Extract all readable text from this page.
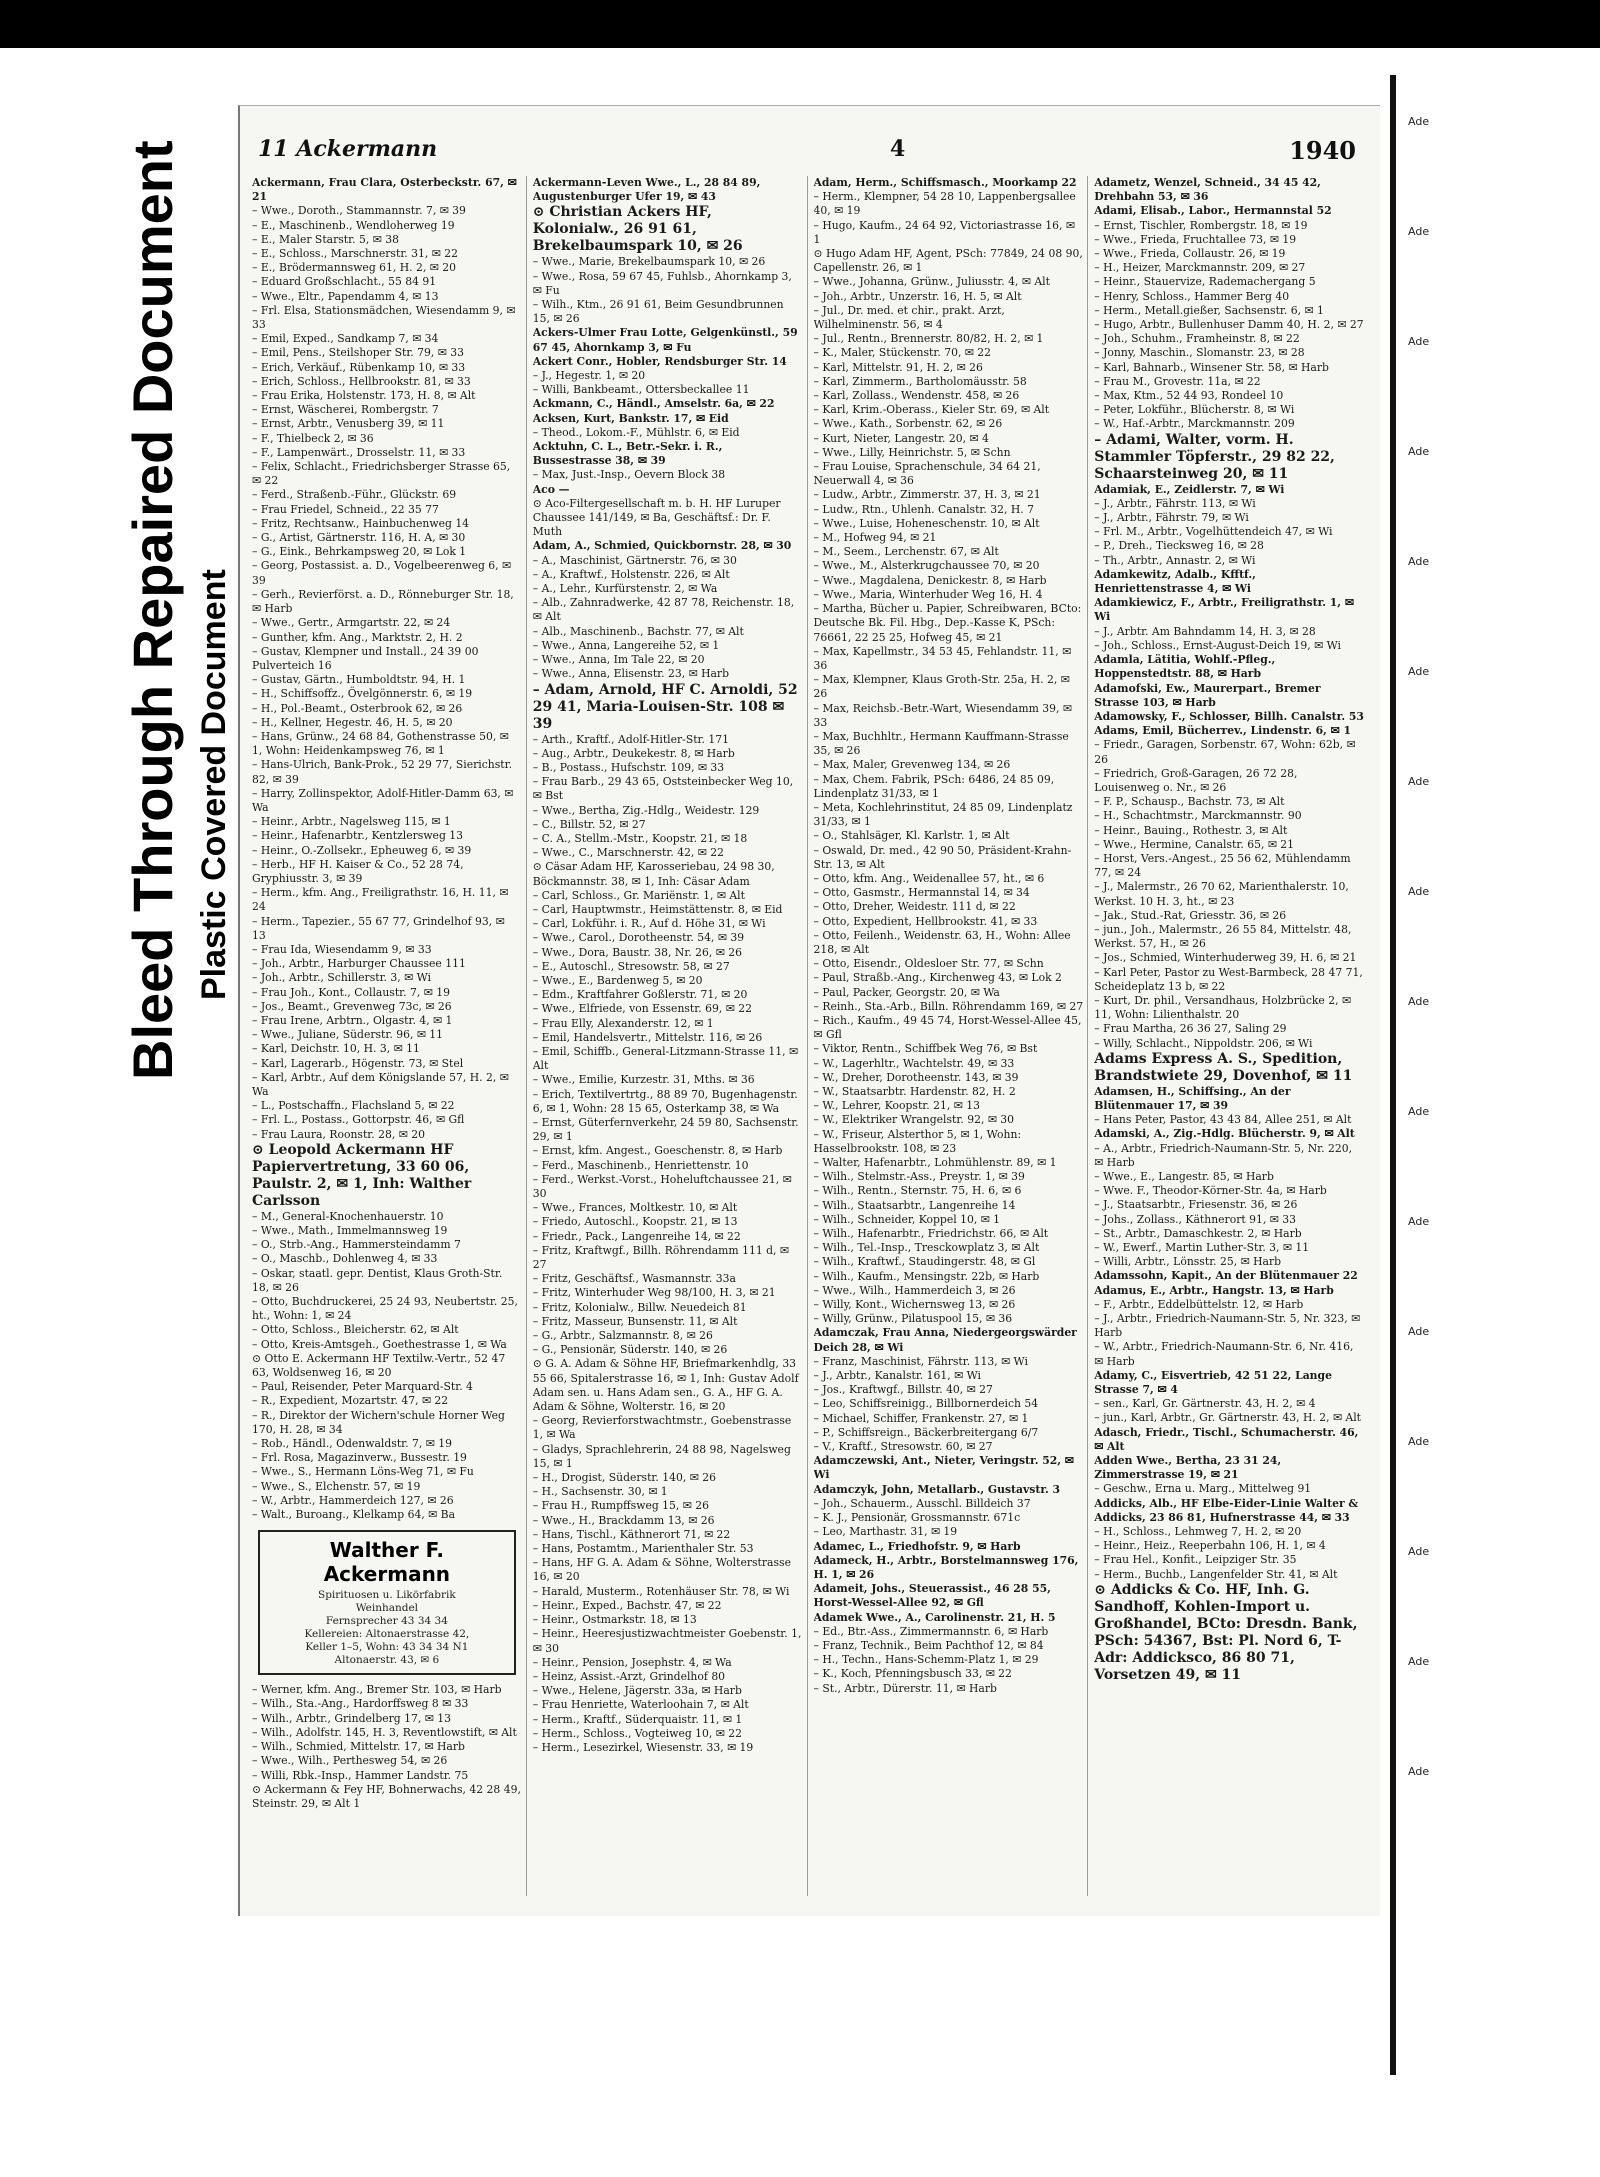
Bleed Through Repaired Document Plastic Covered Document
11 Ackermann	4	1940

Ackermann, Frau Clara, Osterbeckstr. 67, ✉ 21

– Wwe., Doroth., Stammannstr. 7, ✉ 39

– E., Maschinenb., Wendloherweg 19

– E., Maler Starstr. 5, ✉ 38

– E., Schloss., Marschnerstr. 31, ✉ 22

– E., Brödermannsweg 61, H. 2, ✉ 20

– Eduard Großschlacht., 55 84 91

– Wwe., Eltr., Papendamm 4, ✉ 13

– Frl. Elsa, Stationsmädchen, Wiesendamm 9, ✉ 33

– Emil, Exped., Sandkamp 7, ✉ 34

– Emil, Pens., Steilshoper Str. 79, ✉ 33

– Erich, Verkäuf., Rübenkamp 10, ✉ 33

– Erich, Schloss., Hellbrookstr. 81, ✉ 33

– Frau Erika, Holstenstr. 173, H. 8, ✉ Alt

– Ernst, Wäscherei, Rombergstr. 7

– Ernst, Arbtr., Venusberg 39, ✉ 11

– F., Thielbeck 2, ✉ 36

– F., Lampenwärt., Drosselstr. 11, ✉ 33

– Felix, Schlacht., Friedrichsberger Strasse 65, ✉ 22

– Ferd., Straßenb.-Führ., Glückstr. 69

– Frau Friedel, Schneid., 22 35 77

– Fritz, Rechtsanw., Hainbuchenweg 14

– G., Artist, Gärtnerstr. 116, H. A, ✉ 30

– G., Eink., Behrkampsweg 20, ✉ Lok 1

– Georg, Postassist. a. D., Vogelbeerenweg 6, ✉ 39

– Gerh., Revierförst. a. D., Rönneburger Str. 18, ✉ Harb

– Wwe., Gertr., Armgartstr. 22, ✉ 24

– Gunther, kfm. Ang., Marktstr. 2, H. 2

– Gustav, Klempner und Install., 24 39 00 Pulverteich 16

– Gustav, Gärtn., Humboldtstr. 94, H. 1

– H., Schiffsoffz., Övelgönnerstr. 6, ✉ 19

– H., Pol.-Beamt., Osterbrook 62, ✉ 26

– H., Kellner, Hegestr. 46, H. 5, ✉ 20

– Hans, Grünw., 24 68 84, Gothenstrasse 50, ✉ 1, Wohn: Heidenkampsweg 76, ✉ 1

– Hans-Ulrich, Bank-Prok., 52 29 77, Sierichstr. 82, ✉ 39

– Harry, Zollinspektor, Adolf-Hitler-Damm 63, ✉ Wa

– Heinr., Arbtr., Nagelsweg 115, ✉ 1

– Heinr., Hafenarbtr., Kentzlersweg 13

– Heinr., O.-Zollsekr., Epheuweg 6, ✉ 39

– Herb., HF H. Kaiser & Co., 52 28 74, Gryphiusstr. 3, ✉ 39

– Herm., kfm. Ang., Freiligrathstr. 16, H. 11, ✉ 24

– Herm., Tapezier., 55 67 77, Grindelhof 93, ✉ 13

– Frau Ida, Wiesendamm 9, ✉ 33

– Joh., Arbtr., Harburger Chaussee 111

– Joh., Arbtr., Schillerstr. 3, ✉ Wi

– Frau Joh., Kont., Collaustr. 7, ✉ 19

– Jos., Beamt., Grevenweg 73c, ✉ 26

– Frau Irene, Arbtrn., Olgastr. 4, ✉ 1

– Wwe., Juliane, Süderstr. 96, ✉ 11

– Karl, Deichstr. 10, H. 3, ✉ 11

– Karl, Lagerarb., Högenstr. 73, ✉ Stel

– Karl, Arbtr., Auf dem Königslande 57, H. 2, ✉ Wa

– L., Postschaffn., Flachsland 5, ✉ 22

– Frl. L., Postass., Gottorpstr. 46, ✉ Gfl

– Frau Laura, Roonstr. 28, ✉ 20

⊙ Leopold Ackermann HF Papiervertretung, 33 60 06, Paulstr. 2, ✉ 1, Inh: Walther Carlsson

– M., General-Knochenhauerstr. 10

– Wwe., Math., Immelmannsweg 19

– O., Strb.-Ang., Hammersteindamm 7

– O., Maschb., Dohlenweg 4, ✉ 33

– Oskar, staatl. gepr. Dentist, Klaus Groth-Str. 18, ✉ 26

– Otto, Buchdruckerei, 25 24 93, Neubertstr. 25, ht., Wohn: 1, ✉ 24

– Otto, Schloss., Bleicherstr. 62, ✉ Alt

– Otto, Kreis-Amtsgeh., Goethestrasse 1, ✉ Wa

⊙ Otto E. Ackermann HF Textilw.-Vertr., 52 47 63, Woldsenweg 16, ✉ 20

– Paul, Reisender, Peter Marquard-Str. 4

– R., Expedient, Mozartstr. 47, ✉ 22

– R., Direktor der Wichern'schule Horner Weg 170, H. 28, ✉ 34

– Rob., Händl., Odenwaldstr. 7, ✉ 19

– Frl. Rosa, Magazinverw., Bussestr. 19

– Wwe., S., Hermann Löns-Weg 71, ✉ Fu

– Wwe., S., Elchenstr. 57, ✉ 19

– W., Arbtr., Hammerdeich 127, ✉ 26

– Walt., Buroang., Klelkamp 64, ✉ Ba

Walther F. Ackermann
Spirituosen u. Likörfabrik
Weinhandel
Fernsprecher 43 34 34
Kellereien: Altonaerstrasse 42,
Keller 1–5, Wohn: 43 34 34 N1
Altonaerstr. 43, ✉ 6

– Werner, kfm. Ang., Bremer Str. 103, ✉ Harb

– Wilh., Sta.-Ang., Hardorffsweg 8 ✉ 33

– Wilh., Arbtr., Grindelberg 17, ✉ 13

– Wilh., Adolfstr. 145, H. 3, Reventlowstift, ✉ Alt

– Wilh., Schmied, Mittelstr. 17, ✉ Harb

– Wwe., Wilh., Perthesweg 54, ✉ 26

– Willi, Rbk.-Insp., Hammer Landstr. 75

⊙ Ackermann & Fey HF, Bohnerwachs, 42 28 49, Steinstr. 29, ✉ Alt 1

Ackermann-Leven Wwe., L., 28 84 89, Augustenburger Ufer 19, ✉ 43

⊙ Christian Ackers HF, Kolonialw., 26 91 61, Brekelbaumspark 10, ✉ 26

– Wwe., Marie, Brekelbaumspark 10, ✉ 26

– Wwe., Rosa, 59 67 45, Fuhlsb., Ahornkamp 3, ✉ Fu

– Wilh., Ktm., 26 91 61, Beim Gesundbrunnen 15, ✉ 26

Ackers-Ulmer Frau Lotte, Gelgenkünstl., 59 67 45, Ahornkamp 3, ✉ Fu

Ackert Conr., Hobler, Rendsburger Str. 14

– J., Hegestr. 1, ✉ 20

– Willi, Bankbeamt., Ottersbeckallee 11

Ackmann, C., Händl., Amselstr. 6a, ✉ 22

Acksen, Kurt, Bankstr. 17, ✉ Eid

– Theod., Lokom.-F., Mühlstr. 6, ✉ Eid

Acktuhn, C. L., Betr.-Sekr. i. R., Bussestrasse 38, ✉ 39

– Max, Just.-Insp., Oevern Block 38

Aco —

⊙ Aco-Filtergesellschaft m. b. H. HF Luruper Chaussee 141/149, ✉ Ba, Geschäftsf.: Dr. F. Muth

Adam, A., Schmied, Quickbornstr. 28, ✉ 30

– A., Maschinist, Gärtnerstr. 76, ✉ 30

– A., Kraftwf., Holstenstr. 226, ✉ Alt

– A., Lehr., Kurfürstenstr. 2, ✉ Wa

– Alb., Zahnradwerke, 42 87 78, Reichenstr. 18, ✉ Alt

– Alb., Maschinenb., Bachstr. 77, ✉ Alt

– Wwe., Anna, Langereihe 52, ✉ 1

– Wwe., Anna, Im Tale 22, ✉ 20

– Wwe., Anna, Elisenstr. 23, ✉ Harb

– Adam, Arnold, HF C. Arnoldi, 52 29 41, Maria-Louisen-Str. 108 ✉ 39

– Arth., Kraftf., Adolf-Hitler-Str. 171

– Aug., Arbtr., Deukekestr. 8, ✉ Harb

– B., Postass., Hufschstr. 109, ✉ 33

– Frau Barb., 29 43 65, Oststeinbecker Weg 10, ✉ Bst

– Wwe., Bertha, Zig.-Hdlg., Weidestr. 129

– C., Billstr. 52, ✉ 27

– C. A., Stellm.-Mstr., Koopstr. 21, ✉ 18

– Wwe., C., Marschnerstr. 42, ✉ 22

⊙ Cäsar Adam HF, Karosseriebau, 24 98 30, Böckmannstr. 38, ✉ 1, Inh: Cäsar Adam

– Carl, Schloss., Gr. Mariënstr. 1, ✉ Alt

– Carl, Hauptwmstr., Heimstättenstr. 8, ✉ Eid

– Carl, Lokführ. i. R., Auf d. Höhe 31, ✉ Wi

– Wwe., Carol., Dorotheenstr. 54, ✉ 39

– Wwe., Dora, Baustr. 38, Nr. 26, ✉ 26

– E., Autoschl., Stresowstr. 58, ✉ 27

– Wwe., E., Bardenweg 5, ✉ 20

– Edm., Kraftfahrer Goßlerstr. 71, ✉ 20

– Wwe., Elfriede, von Essenstr. 69, ✉ 22

– Frau Elly, Alexanderstr. 12, ✉ 1

– Emil, Handelsvertr., Mittelstr. 116, ✉ 26

– Emil, Schiffb., General-Litzmann-Strasse 11, ✉ Alt

– Wwe., Emilie, Kurzestr. 31, Mths. ✉ 36

– Erich, Textilvertrtg., 88 89 70, Bugenhagenstr. 6, ✉ 1, Wohn: 28 15 65, Osterkamp 38, ✉ Wa

– Ernst, Güterfernverkehr, 24 59 80, Sachsenstr. 29, ✉ 1

– Ernst, kfm. Angest., Goeschenstr. 8, ✉ Harb

– Ferd., Maschinenb., Henriettenstr. 10

– Ferd., Werkst.-Vorst., Hoheluftchaussee 21, ✉ 30

– Wwe., Frances, Moltkestr. 10, ✉ Alt

– Friedo, Autoschl., Koopstr. 21, ✉ 13

– Friedr., Pack., Langenreihe 14, ✉ 22

– Fritz, Kraftwgf., Billh. Röhrendamm 111 d, ✉ 27

– Fritz, Geschäftsf., Wasmannstr. 33a

– Fritz, Winterhuder Weg 98/100, H. 3, ✉ 21

– Fritz, Kolonialw., Billw. Neuedeich 81

– Fritz, Masseur, Bunsenstr. 11, ✉ Alt

– G., Arbtr., Salzmannstr. 8, ✉ 26

– G., Pensionär, Süderstr. 140, ✉ 26

⊙ G. A. Adam & Söhne HF, Briefmarkenhdlg, 33 55 66, Spitalerstrasse 16, ✉ 1, Inh: Gustav Adolf Adam sen. u. Hans Adam sen., G. A., HF G. A. Adam & Söhne, Wolterstr. 16, ✉ 20

– Georg, Revierforstwachtmstr., Goebenstrasse 1, ✉ Wa

– Gladys, Sprachlehrerin, 24 88 98, Nagelsweg 15, ✉ 1

– H., Drogist, Süderstr. 140, ✉ 26

– H., Sachsenstr. 30, ✉ 1

– Frau H., Rumpffsweg 15, ✉ 26

– Wwe., H., Brackdamm 13, ✉ 26

– Hans, Tischl., Käthnerort 71, ✉ 22

– Hans, Postamtm., Marienthaler Str. 53

– Hans, HF G. A. Adam & Söhne, Wolterstrasse 16, ✉ 20

– Harald, Musterm., Rotenhäuser Str. 78, ✉ Wi

– Heinr., Exped., Bachstr. 47, ✉ 22

– Heinr., Ostmarkstr. 18, ✉ 13

– Heinr., Heeresjustizwachtmeister Goebenstr. 1, ✉ 30

– Heinr., Pension, Josephstr. 4, ✉ Wa

– Heinz, Assist.-Arzt, Grindelhof 80

– Wwe., Helene, Jägerstr. 33a, ✉ Harb

– Frau Henriette, Waterloohain 7, ✉ Alt

– Herm., Kraftf., Süderquaistr. 11, ✉ 1

– Herm., Schloss., Vogteiweg 10, ✉ 22

– Herm., Lesezirkel, Wiesenstr. 33, ✉ 19

Adam, Herm., Schiffsmasch., Moorkamp 22

– Herm., Klempner, 54 28 10, Lappenbergsallee 40, ✉ 19

– Hugo, Kaufm., 24 64 92, Victoriastrasse 16, ✉ 1

⊙ Hugo Adam HF, Agent, PSch: 77849, 24 08 90, Capellenstr. 26, ✉ 1

– Wwe., Johanna, Grünw., Juliusstr. 4, ✉ Alt

– Joh., Arbtr., Unzerstr. 16, H. 5, ✉ Alt

– Jul., Dr. med. et chir., prakt. Arzt, Wilhelminenstr. 56, ✉ 4

– Jul., Rentn., Brennerstr. 80/82, H. 2, ✉ 1

– K., Maler, Stückenstr. 70, ✉ 22

– Karl, Mittelstr. 91, H. 2, ✉ 26

– Karl, Zimmerm., Bartholomäusstr. 58

– Karl, Zollass., Wendenstr. 458, ✉ 26

– Karl, Krim.-Oberass., Kieler Str. 69, ✉ Alt

– Wwe., Kath., Sorbenstr. 62, ✉ 26

– Kurt, Nieter, Langestr. 20, ✉ 4

– Wwe., Lilly, Heinrichstr. 5, ✉ Schn

– Frau Louise, Sprachenschule, 34 64 21, Neuerwall 4, ✉ 36

– Ludw., Arbtr., Zimmerstr. 37, H. 3, ✉ 21

– Ludw., Rtn., Uhlenh. Canalstr. 32, H. 7

– Wwe., Luise, Hoheneschenstr. 10, ✉ Alt

– M., Hofweg 94, ✉ 21

– M., Seem., Lerchenstr. 67, ✉ Alt

– Wwe., M., Alsterkrugchaussee 70, ✉ 20

– Wwe., Magdalena, Denickestr. 8, ✉ Harb

– Wwe., Maria, Winterhuder Weg 16, H. 4

– Martha, Bücher u. Papier, Schreibwaren, BCto: Deutsche Bk. Fil. Hbg., Dep.-Kasse K, PSch: 76661, 22 25 25, Hofweg 45, ✉ 21

– Max, Kapellmstr., 34 53 45, Fehlandstr. 11, ✉ 36

– Max, Klempner, Klaus Groth-Str. 25a, H. 2, ✉ 26

– Max, Reichsb.-Betr.-Wart, Wiesendamm 39, ✉ 33

– Max, Buchhltr., Hermann Kauffmann-Strasse 35, ✉ 26

– Max, Maler, Grevenweg 134, ✉ 26

– Max, Chem. Fabrik, PSch: 6486, 24 85 09, Lindenplatz 31/33, ✉ 1

– Meta, Kochlehrinstitut, 24 85 09, Lindenplatz 31/33, ✉ 1

– O., Stahlsäger, Kl. Karlstr. 1, ✉ Alt

– Oswald, Dr. med., 42 90 50, Präsident-Krahn-Str. 13, ✉ Alt

– Otto, kfm. Ang., Weidenallee 57, ht., ✉ 6

– Otto, Gasmstr., Hermannstal 14, ✉ 34

– Otto, Dreher, Weidestr. 111 d, ✉ 22

– Otto, Expedient, Hellbrookstr. 41, ✉ 33

– Otto, Feilenh., Weidenstr. 63, H., Wohn: Allee 218, ✉ Alt

– Otto, Eisendr., Oldesloer Str. 77, ✉ Schn

– Paul, Straßb.-Ang., Kirchenweg 43, ✉ Lok 2

– Paul, Packer, Georgstr. 20, ✉ Wa

– Reinh., Sta.-Arb., Billn. Röhrendamm 169, ✉ 27

– Rich., Kaufm., 49 45 74, Horst-Wessel-Allee 45, ✉ Gfl

– Viktor, Rentn., Schiffbek Weg 76, ✉ Bst

– W., Lagerhltr., Wachtelstr. 49, ✉ 33

– W., Dreher, Dorotheenstr. 143, ✉ 39

– W., Staatsarbtr. Hardenstr. 82, H. 2

– W., Lehrer, Koopstr. 21, ✉ 13

– W., Elektriker Wrangelstr. 92, ✉ 30

– W., Friseur, Alsterthor 5, ✉ 1, Wohn: Hasselbrookstr. 108, ✉ 23

– Walter, Hafenarbtr., Lohmühlenstr. 89, ✉ 1

– Wilh., Stelmstr.-Ass., Preystr. 1, ✉ 39

– Wilh., Rentn., Sternstr. 75, H. 6, ✉ 6

– Wilh., Staatsarbtr., Langenreihe 14

– Wilh., Schneider, Koppel 10, ✉ 1

– Wilh., Hafenarbtr., Friedrichstr. 66, ✉ Alt

– Wilh., Tel.-Insp., Tresckowplatz 3, ✉ Alt

– Wilh., Kraftwf., Staudingerstr. 48, ✉ Gl

– Wilh., Kaufm., Mensingstr. 22b, ✉ Harb

– Wwe., Wilh., Hammerdeich 3, ✉ 26

– Willy, Kont., Wichernsweg 13, ✉ 26

– Willy, Grünw., Pilatuspool 15, ✉ 36

Adamczak, Frau Anna, Niedergeorgswärder Deich 28, ✉ Wi

– Franz, Maschinist, Fährstr. 113, ✉ Wi

– J., Arbtr., Kanalstr. 161, ✉ Wi

– Jos., Kraftwgf., Billstr. 40, ✉ 27

– Leo, Schiffsreinigg., Billbornerdeich 54

– Michael, Schiffer, Frankenstr. 27, ✉ 1

– P., Schiffsreign., Bäckerbreitergang 6/7

– V., Kraftf., Stresowstr. 60, ✉ 27

Adamczewski, Ant., Nieter, Veringstr. 52, ✉ Wi

Adamczyk, John, Metallarb., Gustavstr. 3

– Joh., Schauerm., Ausschl. Billdeich 37

– K. J., Pensionär, Grossmannstr. 671c

– Leo, Marthastr. 31, ✉ 19

Adamec, L., Friedhofstr. 9, ✉ Harb

Adameck, H., Arbtr., Borstelmannsweg 176, H. 1, ✉ 26

Adameit, Johs., Steuerassist., 46 28 55, Horst-Wessel-Allee 92, ✉ Gfl

Adamek Wwe., A., Carolinenstr. 21, H. 5

– Ed., Btr.-Ass., Zimmermannstr. 6, ✉ Harb

– Franz, Technik., Beim Pachthof 12, ✉ 84

– H., Techn., Hans-Schemm-Platz 1, ✉ 29

– K., Koch, Pfenningsbusch 33, ✉ 22

– St., Arbtr., Dürerstr. 11, ✉ Harb

Adametz, Wenzel, Schneid., 34 45 42, Drehbahn 53, ✉ 36

Adami, Elisab., Labor., Hermannstal 52

– Ernst, Tischler, Rombergstr. 18, ✉ 19

– Wwe., Frieda, Fruchtallee 73, ✉ 19

– Wwe., Frieda, Collaustr. 26, ✉ 19

– H., Heizer, Marckmannstr. 209, ✉ 27

– Heinr., Stauervize, Rademachergang 5

– Henry, Schloss., Hammer Berg 40

– Herm., Metall.gießer, Sachsenstr. 6, ✉ 1

– Hugo, Arbtr., Bullenhuser Damm 40, H. 2, ✉ 27

– Joh., Schuhm., Framheinstr. 8, ✉ 22

– Jonny, Maschin., Slomanstr. 23, ✉ 28

– Karl, Bahnarb., Winsener Str. 58, ✉ Harb

– Frau M., Grovestr. 11a, ✉ 22

– Max, Ktm., 52 44 93, Rondeel 10

– Peter, Lokführ., Blücherstr. 8, ✉ Wi

– W., Haf.-Arbtr., Marckmannstr. 209

– Adami, Walter, vorm. H. Stammler Töpferstr., 29 82 22, Schaarsteinweg 20, ✉ 11

Adamiak, E., Zeidlerstr. 7, ✉ Wi

– J., Arbtr., Fährstr. 113, ✉ Wi

– J., Arbtr., Fährstr. 79, ✉ Wi

– Frl. M., Arbtr., Vogelhüttendeich 47, ✉ Wi

– P., Dreh., Tiecksweg 16, ✉ 28

– Th., Arbtr., Annastr. 2, ✉ Wi

Adamkewitz, Adalb., Kfftf., Henriettenstrasse 4, ✉ Wi

Adamkiewicz, F., Arbtr., Freiligrathstr. 1, ✉ Wi

– J., Arbtr. Am Bahndamm 14, H. 3, ✉ 28

– Joh., Schloss., Ernst-August-Deich 19, ✉ Wi

Adamla, Lätitia, Wohlf.-Pfleg., Hoppenstedtstr. 88, ✉ Harb

Adamofski, Ew., Maurerpart., Bremer Strasse 103, ✉ Harb

Adamowsky, F., Schlosser, Billh. Canalstr. 53

Adams, Emil, Bücherrev., Lindenstr. 6, ✉ 1

– Friedr., Garagen, Sorbenstr. 67, Wohn: 62b, ✉ 26

– Friedrich, Groß-Garagen, 26 72 28, Louisenweg o. Nr., ✉ 26

– F. P., Schausp., Bachstr. 73, ✉ Alt

– H., Schachtmstr., Marckmannstr. 90

– Heinr., Bauing., Rothestr. 3, ✉ Alt

– Wwe., Hermine, Canalstr. 65, ✉ 21

– Horst, Vers.-Angest., 25 56 62, Mühlendamm 77, ✉ 24

– J., Malermstr., 26 70 62, Marienthalerstr. 10, Werkst. 10 H. 3, ht., ✉ 23

– Jak., Stud.-Rat, Griesstr. 36, ✉ 26

– jun., Joh., Malermstr., 26 55 84, Mittelstr. 48, Werkst. 57, H., ✉ 26

– Jos., Schmied, Winterhuderweg 39, H. 6, ✉ 21

– Karl Peter, Pastor zu West-Barmbeck, 28 47 71, Scheideplatz 13 b, ✉ 22

– Kurt, Dr. phil., Versandhaus, Holzbrücke 2, ✉ 11, Wohn: Lilienthalstr. 20

– Frau Martha, 26 36 27, Saling 29

– Willy, Schlacht., Nippoldstr. 206, ✉ Wi

Adams Express A. S., Spedition, Brandstwiete 29, Dovenhof, ✉ 11

Adamsen, H., Schiffsing., An der Blütenmauer 17, ✉ 39

– Hans Peter, Pastor, 43 43 84, Allee 251, ✉ Alt

Adamski, A., Zig.-Hdlg. Blücherstr. 9, ✉ Alt

– A., Arbtr., Friedrich-Naumann-Str. 5, Nr. 220, ✉ Harb

– Wwe., E., Langestr. 85, ✉ Harb

– Wwe. F., Theodor-Körner-Str. 4a, ✉ Harb

– J., Staatsarbtr., Friesenstr. 36, ✉ 26

– Johs., Zollass., Käthnerort 91, ✉ 33

– St., Arbtr., Damaschkestr. 2, ✉ Harb

– W., Ewerf., Martin Luther-Str. 3, ✉ 11

– Willi, Arbtr., Lönsstr. 25, ✉ Harb

Adamssohn, Kapit., An der Blütenmauer 22

Adamus, E., Arbtr., Hangstr. 13, ✉ Harb

– F., Arbtr., Eddelbüttelstr. 12, ✉ Harb

– J., Arbtr., Friedrich-Naumann-Str. 5, Nr. 323, ✉ Harb

– W., Arbtr., Friedrich-Naumann-Str. 6, Nr. 416, ✉ Harb

Adamy, C., Eisvertrieb, 42 51 22, Lange Strasse 7, ✉ 4

– sen., Karl, Gr. Gärtnerstr. 43, H. 2, ✉ 4

– jun., Karl, Arbtr., Gr. Gärtnerstr. 43, H. 2, ✉ Alt

Adasch, Friedr., Tischl., Schumacherstr. 46, ✉ Alt

Adden Wwe., Bertha, 23 31 24, Zimmerstrasse 19, ✉ 21

– Geschw., Erna u. Marg., Mittelweg 91

Addicks, Alb., HF Elbe-Eider-Linie Walter & Addicks, 23 86 81, Hufnerstrasse 44, ✉ 33

– H., Schloss., Lehmweg 7, H. 2, ✉ 20

– Heinr., Heiz., Reeperbahn 106, H. 1, ✉ 4

– Frau Hel., Konfit., Leipziger Str. 35

– Herm., Buchb., Langenfelder Str. 41, ✉ Alt

⊙ Addicks & Co. HF, Inh. G. Sandhoff, Kohlen-Import u. Großhandel, BCto: Dresdn. Bank, PSch: 54367, Bst: Pl. Nord 6, T-Adr: Addicksco, 86 80 71, Vorsetzen 49, ✉ 11

Ade
Ade
Ade
Ade
Ade
Ade
Ade
Ade
Ade
Ade
Ade
Ade
Ade
Ade
Ade
Ade
